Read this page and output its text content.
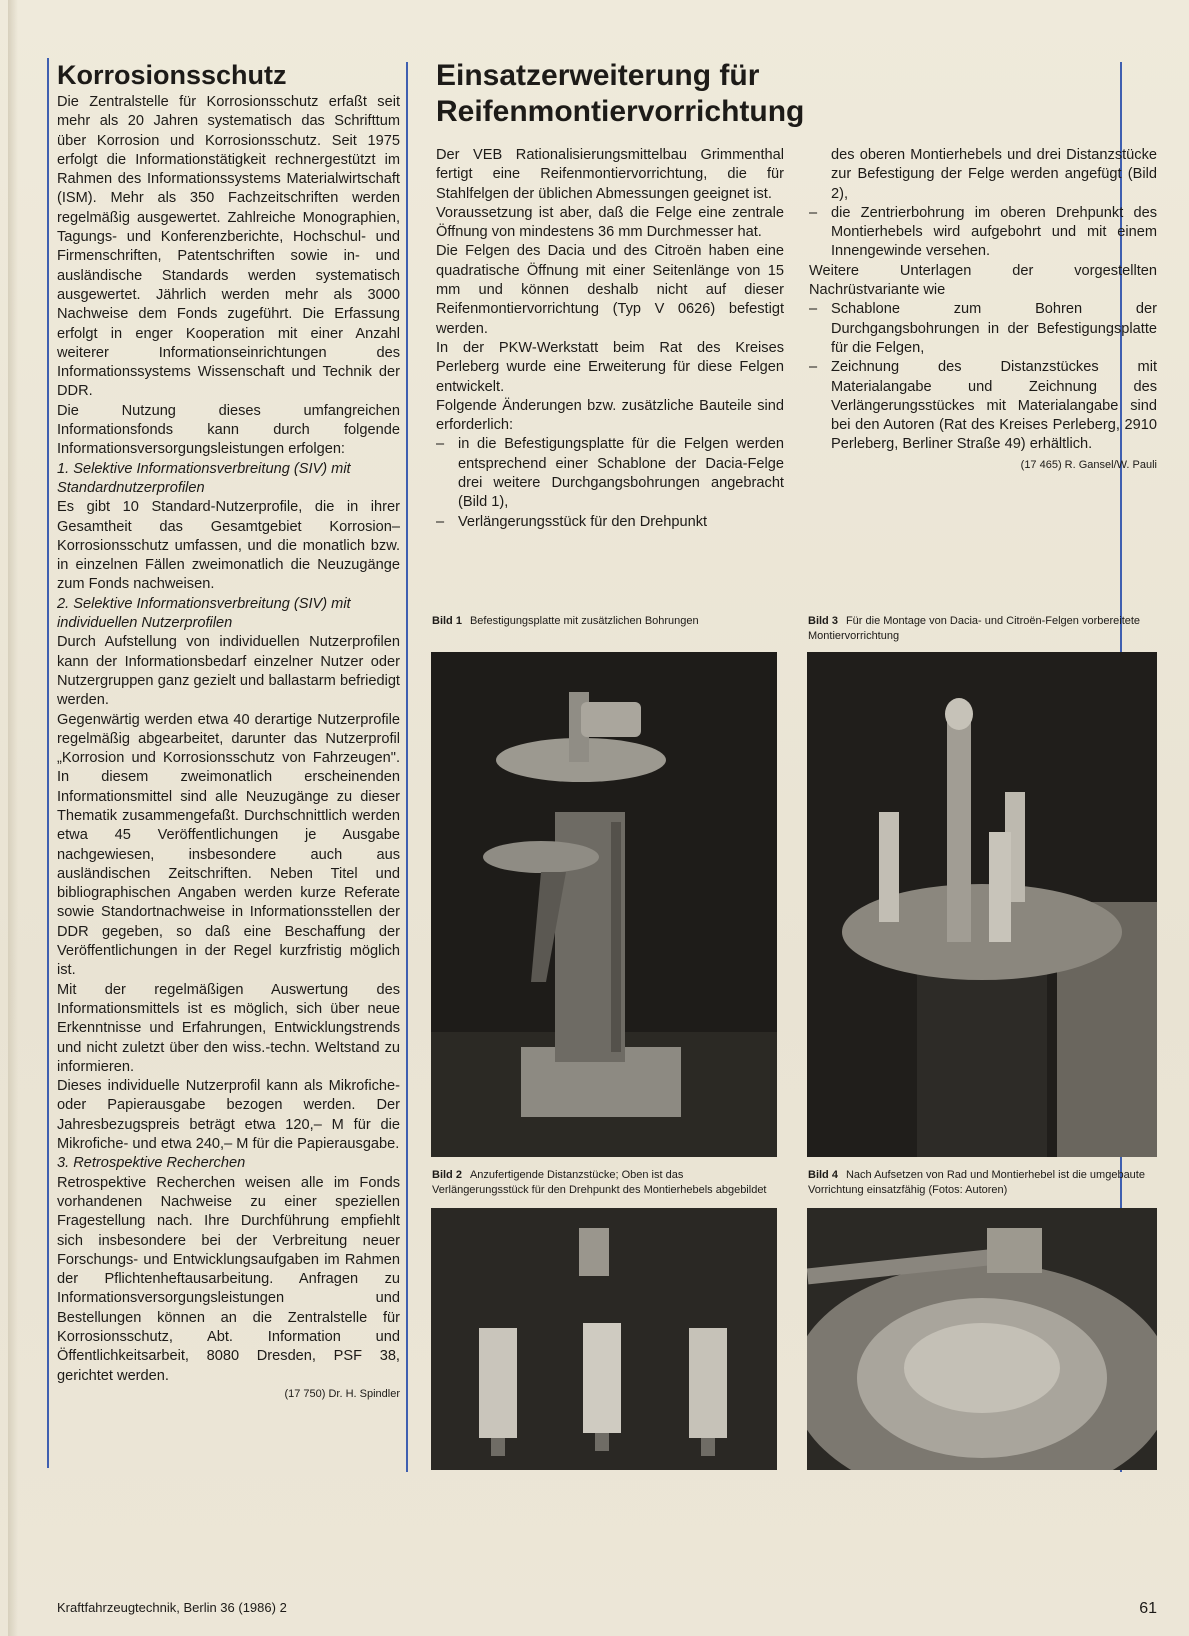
Korrosionsschutz

Die Zentralstelle für Korrosionsschutz erfaßt seit mehr als 20 Jahren systematisch das Schrifttum über Korrosion und Korrosionsschutz. Seit 1975 erfolgt die Informationstätigkeit rechnergestützt im Rahmen des Informationssystems Materialwirtschaft (ISM). Mehr als 350 Fachzeitschriften werden regelmäßig ausgewertet. Zahlreiche Monographien, Tagungs- und Konferenzberichte, Hochschul- und Firmenschriften, Patentschriften sowie in- und ausländische Standards werden systematisch ausgewertet. Jährlich werden mehr als 3000 Nachweise dem Fonds zugeführt. Die Erfassung erfolgt in enger Kooperation mit einer Anzahl weiterer Informationseinrichtungen des Informationssystems Wissenschaft und Technik der DDR.

Die Nutzung dieses umfangreichen Informationsfonds kann durch folgende Informationsversorgungsleistungen erfolgen:

1. Selektive Informationsverbreitung (SIV) mit Standardnutzerprofilen

Es gibt 10 Standard-Nutzerprofile, die in ihrer Gesamtheit das Gesamtgebiet Korrosion–Korrosionsschutz umfassen, und die monatlich bzw. in einzelnen Fällen zweimonatlich die Neuzugänge zum Fonds nachweisen.

2. Selektive Informationsverbreitung (SIV) mit individuellen Nutzerprofilen

Durch Aufstellung von individuellen Nutzerprofilen kann der Informationsbedarf einzelner Nutzer oder Nutzergruppen ganz gezielt und ballastarm befriedigt werden.

Gegenwärtig werden etwa 40 derartige Nutzerprofile regelmäßig abgearbeitet, darunter das Nutzerprofil „Korrosion und Korrosionsschutz von Fahrzeugen". In diesem zweimonatlich erscheinenden Informationsmittel sind alle Neuzugänge zu dieser Thematik zusammengefaßt. Durchschnittlich werden etwa 45 Veröffentlichungen je Ausgabe nachgewiesen, insbesondere auch aus ausländischen Zeitschriften. Neben Titel und bibliographischen Angaben werden kurze Referate sowie Standortnachweise in Informationsstellen der DDR gegeben, so daß eine Beschaffung der Veröffentlichungen in der Regel kurzfristig möglich ist.

Mit der regelmäßigen Auswertung des Informationsmittels ist es möglich, sich über neue Erkenntnisse und Erfahrungen, Entwicklungstrends und nicht zuletzt über den wiss.-techn. Weltstand zu informieren.

Dieses individuelle Nutzerprofil kann als Mikrofiche- oder Papierausgabe bezogen werden. Der Jahresbezugspreis beträgt etwa 120,– M für die Mikrofiche- und etwa 240,– M für die Papierausgabe.

3. Retrospektive Recherchen

Retrospektive Recherchen weisen alle im Fonds vorhandenen Nachweise zu einer speziellen Fragestellung nach. Ihre Durchführung empfiehlt sich insbesondere bei der Verbreitung neuer Forschungs- und Entwicklungsaufgaben im Rahmen der Pflichtenheftausarbeitung. Anfragen zu Informationsversorgungsleistungen und Bestellungen können an die Zentralstelle für Korrosionsschutz, Abt. Information und Öffentlichkeitsarbeit, 8080 Dresden, PSF 38, gerichtet werden.

(17 750) Dr. H. Spindler
Einsatzerweiterung für
Reifenmontiervorrichtung

Der VEB Rationalisierungsmittelbau Grimmenthal fertigt eine Reifenmontiervorrichtung, die für Stahlfelgen der üblichen Abmessungen geeignet ist.

Voraussetzung ist aber, daß die Felge eine zentrale Öffnung von mindestens 36 mm Durchmesser hat.

Die Felgen des Dacia und des Citroën haben eine quadratische Öffnung mit einer Seitenlänge von 15 mm und können deshalb nicht auf dieser Reifenmontiervorrichtung (Typ V 0626) befestigt werden.

In der PKW-Werkstatt beim Rat des Kreises Perleberg wurde eine Erweiterung für diese Felgen entwickelt.

Folgende Änderungen bzw. zusätzliche Bauteile sind erforderlich:

– in die Befestigungsplatte für die Felgen werden entsprechend einer Schablone der Dacia-Felge drei weitere Durchgangsbohrungen angebracht (Bild 1),
– Verlängerungsstück für den Drehpunkt

des oberen Montierhebels und drei Distanzstücke zur Befestigung der Felge werden angefügt (Bild 2),

– die Zentrierbohrung im oberen Drehpunkt des Montierhebels wird aufgebohrt und mit einem Innengewinde versehen.

Weitere Unterlagen der vorgestellten Nachrüstvariante wie

– Schablone zum Bohren der Durchgangsbohrungen in der Befestigungsplatte für die Felgen,
– Zeichnung des Distanzstückes mit Materialangabe und Zeichnung des Verlängerungsstückes mit Materialangabe sind bei den Autoren (Rat des Kreises Perleberg, 2910 Perleberg, Berliner Straße 49) erhältlich.
(17 465) R. Gansel/W. Pauli
Bild 1 Befestigungsplatte mit zusätzlichen Bohrungen	Bild 3 Für die Montage von Dacia- und Citroën-Felgen vorbereitete Montiervorrichtung
Bild 2 Anzufertigende Distanzstücke; Oben ist das Verlängerungsstück für den Drehpunkt des Montierhebels abgebildet
Bild 4 Nach Aufsetzen von Rad und Montierhebel ist die umgebaute Vorrichtung einsatzfähig (Fotos: Autoren)
Kraftfahrzeugtechnik, Berlin 36 (1986) 2	61
